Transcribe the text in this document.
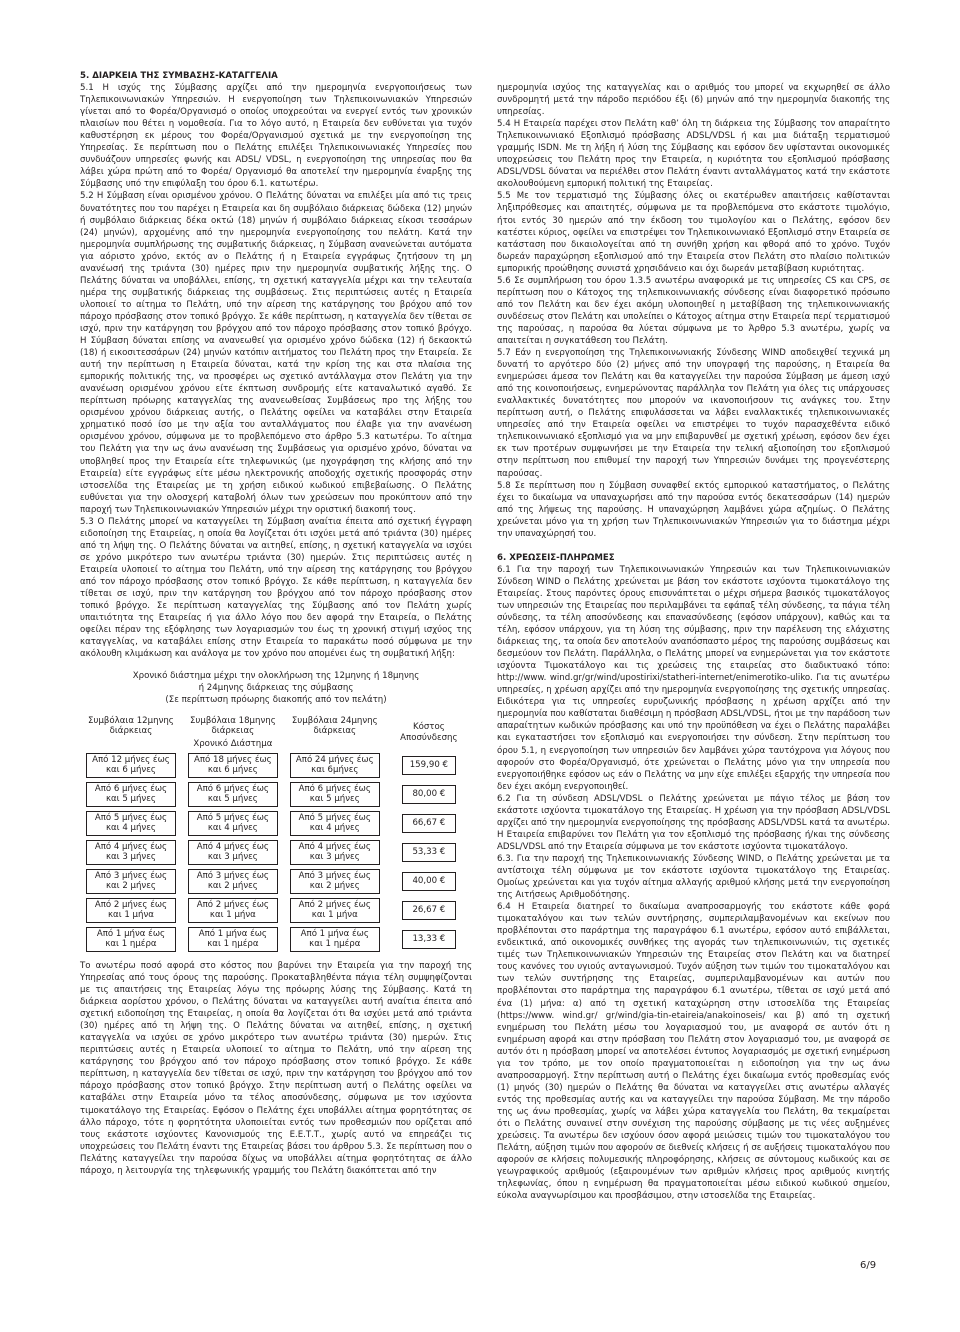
5. ΔΙΑΡΚΕΙΑ ΤΗΣ ΣΥΜΒΑΣΗΣ-ΚΑΤΑΓΓΕΛΙΑ

5.1 Η ισχύς της Σύμβασης αρχίζει από την ημερομηνία ενεργοποιήσεως των Τηλεπικοινωνιακών Υπηρεσιών. Η ενεργοποίηση των Τηλεπικοινωνιακών Υπηρεσιών γίνεται από το Φορέα/Οργανισμό ο οποίος υποχρεούται να ενεργεί εντός των χρονικών πλαισίων που θέτει η νομοθεσία. Για το λόγο αυτό, η Εταιρεία δεν ευθύνεται για τυχόν καθυστέρηση εκ μέρους του Φορέα/Οργανισμού σχετικά με την ενεργοποίηση της Υπηρεσίας. Σε περίπτωση που ο Πελάτης επιλέξει Τηλεπικοινωνιακές Υπηρεσίες που συνδυάζουν υπηρεσίες φωνής και ADSL/ VDSL, η ενεργοποίηση της υπηρεσίας που θα λάβει χώρα πρώτη από το Φορέα/ Οργανισμό θα αποτελεί την ημερομηνία έναρξης της Σύμβασης υπό την επιφύλαξη του όρου 6.1. κατωτέρω.

5.2 Η Σύμβαση είναι ορισμένου χρόνου. Ο Πελάτης δύναται να επιλέξει μία από τις τρεις δυνατότητες που του παρέχει η Εταιρεία και δη συμβόλαιο διάρκειας δώδεκα (12) μηνών ή συμβόλαιο διάρκειας δέκα οκτώ (18) μηνών ή συμβόλαιο διάρκειας είκοσι τεσσάρων (24) μηνών), αρχομένης από την ημερομηνία ενεργοποίησης του πελάτη. Κατά την ημερομηνία συμπλήρωσης της συμβατικής διάρκειας, η Σύμβαση ανανεώνεται αυτόματα για αόριστο χρόνο, εκτός αν ο Πελάτης ή η Εταιρεία εγγράφως ζητήσουν τη μη ανανέωσή της τριάντα (30) ημέρες πριν την ημερομηνία συμβατικής λήξης της. Ο Πελάτης δύναται να υποβάλλει, επίσης, τη σχετική καταγγελία μέχρι και την τελευταία ημέρα της συμβατικής διάρκειας της συμβάσεως. Στις περιπτώσεις αυτές η Εταιρεία υλοποιεί το αίτημα το Πελάτη, υπό την αίρεση της κατάργησης του βρόχου από τον πάροχο πρόσβασης στον τοπικό βρόγχο. Σε κάθε περίπτωση, η καταγγελία δεν τίθεται σε ισχύ, πριν την κατάργηση του βρόγχου από τον πάροχο πρόσβασης στον τοπικό βρόγχο. Η Σύμβαση δύναται επίσης να ανανεωθεί για ορισμένο χρόνο δώδεκα (12) ή δεκαοκτώ (18) ή εικοσιτεσσάρων (24) μηνών κατόπιν αιτήματος του Πελάτη προς την Εταιρεία. Σε αυτή την περίπτωση η Εταιρεία δύναται, κατά την κρίση της και στα πλαίσια της εμπορικής πολιτικής της, να προσφέρει ως σχετικό αντάλλαγμα στον Πελάτη για την ανανέωση ορισμένου χρόνου είτε έκπτωση συνδρομής είτε καταναλωτικό αγαθό. Σε περίπτωση πρόωρης καταγγελίας της ανανεωθείσας Συμβάσεως προ της λήξης του ορισμένου χρόνου διάρκειας αυτής, ο Πελάτης οφείλει να καταβάλει στην Εταιρεία χρηματικό ποσό ίσο με την αξία του ανταλλάγματος που έλαβε για την ανανέωση ορισμένου χρόνου, σύμφωνα με το προβλεπόμενο στο άρθρο 5.3 κατωτέρω. Το αίτημα του Πελάτη για την ως άνω ανανέωση της Συμβάσεως για ορισμένο χρόνο, δύναται να υποβληθεί προς την Εταιρεία είτε τηλεφωνικώς (με ηχογράφηση της κλήσης από την Εταιρεία) είτε εγγράφως είτε μέσω ηλεκτρονικής αποδοχής σχετικής προσφοράς στην ιστοσελίδα της Εταιρείας με τη χρήση ειδικού κωδικού επιβεβαίωσης. Ο Πελάτης ευθύνεται για την ολοσχερή καταβολή όλων των χρεώσεων που προκύπτουν από την παροχή των Τηλεπικοινωνιακών Υπηρεσιών μέχρι την οριστική διακοπή τους.

5.3 Ο Πελάτης μπορεί να καταγγείλει τη Σύμβαση αναίτια έπειτα από σχετική έγγραφη ειδοποίηση της Εταιρείας, η οποία θα λογίζεται ότι ισχύει μετά από τριάντα (30) ημέρες από τη λήψη της. Ο Πελάτης δύναται να αιτηθεί, επίσης, η σχετική καταγγελία να ισχύει σε χρόνο μικρότερο των ανωτέρω τριάντα (30) ημερών. Στις περιπτώσεις αυτές η Εταιρεία υλοποιεί το αίτημα του Πελάτη, υπό την αίρεση της κατάργησης του βρόγχου από τον πάροχο πρόσβασης στον τοπικό βρόγχο. Σε κάθε περίπτωση, η καταγγελία δεν τίθεται σε ισχύ, πριν την κατάργηση του βρόγχου από τον πάροχο πρόσβασης στον τοπικό βρόγχο. Σε περίπτωση καταγγελίας της Σύμβασης από τον Πελάτη χωρίς υπαιτιότητα της Εταιρείας ή για άλλο λόγο που δεν αφορά την Εταιρεία, ο Πελάτης οφείλει πέραν της εξόφλησης των λογαριασμών του έως τη χρονική στιγμή ισχύος της καταγγελίας, να καταβάλει επίσης στην Εταιρεία το παρακάτω ποσό σύμφωνα με την ακόλουθη κλιμάκωση και ανάλογα με τον χρόνο που απομένει έως τη συμβατική λήξη:

Χρονικό διάστημα μέχρι την ολοκλήρωση της 12μηνης ή 18μηνης
ή 24μηνης διάρκειας της σύμβασης
(Σε περίπτωση πρόωρης διακοπής από τον πελάτη)
Συμβόλαια 12μηνης διάρκειας	Συμβόλαια 18μηνης διάρκειας	Συμβόλαια 24μηνης διάρκειας	Κόστος Αποσύνδεσης
Χρονικό Διάστημα			

Από 12 μήνες έως και 6 μήνες	Από 18 μήνες έως και 6 μήνες	Από 24 μήνες έως και 6μήνες	159,90 €

Από 6 μήνες έως και 5 μήνες	Από 6 μήνες έως και 5 μήνες	Από 6 μήνες έως και 5 μήνες	80,00 €

Από 5 μήνες έως και 4 μήνες	Από 5 μήνες έως και 4 μήνες	Από 5 μήνες έως και 4 μήνες	66,67 €

Από 4 μήνες έως και 3 μήνες	Από 4 μήνες έως και 3 μήνες	Από 4 μήνες έως και 3 μήνες	53,33 €

Από 3 μήνες έως και 2 μήνες	Από 3 μήνες έως και 2 μήνες	Από 3 μήνες έως και 2 μήνες	40,00 €

Από 2 μήνες έως και 1 μήνα	Από 2 μήνες έως και 1 μήνα	Από 2 μήνες έως και 1 μήνα	26,67 €

Από 1 μήνα έως και 1 ημέρα	Από 1 μήνα έως και 1 ημέρα	Από 1 μήνα έως και 1 ημέρα	13,33 €

Το ανωτέρω ποσό αφορά στο κόστος που βαρύνει την Εταιρεία για την παροχή της Υπηρεσίας από τους όρους της παρούσης. Προκαταβληθέντα πάγια τέλη συμψηφίζονται με τις απαιτήσεις της Εταιρείας λόγω της πρόωρης λύσης της Σύμβασης. Κατά τη διάρκεια αορίστου χρόνου, ο Πελάτης δύναται να καταγγείλει αυτή αναίτια έπειτα από σχετική ειδοποίηση της Εταιρείας, η οποία θα λογίζεται ότι θα ισχύει μετά από τριάντα (30) ημέρες από τη λήψη της. Ο Πελάτης δύναται να αιτηθεί, επίσης, η σχετική καταγγελία να ισχύει σε χρόνο μικρότερο των ανωτέρω τριάντα (30) ημερών. Στις περιπτώσεις αυτές η Εταιρεία υλοποιεί το αίτημα το Πελάτη, υπό την αίρεση της κατάργησης του βρόγχου από τον πάροχο πρόσβασης στον τοπικό βρόγχο. Σε κάθε περίπτωση, η καταγγελία δεν τίθεται σε ισχύ, πριν την κατάργηση του βρόγχου από τον πάροχο πρόσβασης στον τοπικό βρόγχο. Στην περίπτωση αυτή ο Πελάτης οφείλει να καταβάλει στην Εταιρεία μόνο τα τέλος αποσύνδεσης, σύμφωνα με τον ισχύοντα τιμοκατάλογο της Εταιρείας. Εφόσον ο Πελάτης έχει υποβάλλει αίτημα φορητότητας σε άλλο πάροχο, τότε η φορητότητα υλοποιείται εντός των προθεσμιών που ορίζεται από τους εκάστοτε ισχύοντες Κανονισμούς της Ε.Ε.Τ.Τ., χωρίς αυτό να επηρεάζει τις υποχρεώσεις του Πελάτη έναντι της Εταιρείας βάσει του άρθρου 5.3. Σε περίπτωση που ο Πελάτης καταγγείλει την παρούσα δίχως να υποβάλλει αίτημα φορητότητας σε άλλο πάροχο, η λειτουργία της τηλεφωνικής γραμμής του Πελάτη διακόπτεται από την

ημερομηνία ισχύος της καταγγελίας και ο αριθμός του μπορεί να εκχωρηθεί σε άλλο συνδρομητή μετά την πάροδο περιόδου έξι (6) μηνών από την ημερομηνία διακοπής της υπηρεσίας.

5.4 Η Εταιρεία παρέχει στον Πελάτη καθ’ όλη τη διάρκεια της Σύμβασης τον απαραίτητο Τηλεπικοινωνιακό Εξοπλισμό πρόσβασης ADSL/VDSL ή και μια διάταξη τερματισμού γραμμής ISDN. Με τη λήξη ή λύση της Σύμβασης και εφόσον δεν υφίστανται οικονομικές υποχρεώσεις του Πελάτη προς την Εταιρεία, η κυριότητα του εξοπλισμού πρόσβασης ADSL/VDSL δύναται να περιέλθει στον Πελάτη έναντι ανταλλάγματος κατά την εκάστοτε ακολουθούμενη εμπορική πολιτική της Εταιρείας.

5.5 Με τον τερματισμό της Σύμβασης όλες οι εκατέρωθεν απαιτήσεις καθίστανται ληξιπρόθεσμες και απαιτητές, σύμφωνα με τα προβλεπόμενα στο εκάστοτε τιμολόγιο, ήτοι εντός 30 ημερών από την έκδοση του τιμολογίου και ο Πελάτης, εφόσον δεν κατέστει κύριος, οφείλει να επιστρέψει τον Τηλεπικοινωνιακό Εξοπλισμό στην Εταιρεία σε κατάσταση που δικαιολογείται από τη συνήθη χρήση και φθορά από το χρόνο. Τυχόν δωρεάν παραχώρηση εξοπλισμού από την Εταιρεία στον Πελάτη στο πλαίσιο πολιτικών εμπορικής προώθησης συνιστά χρησιδάνειο και όχι δωρεάν μεταβίβαση κυριότητας.

5.6 Σε συμπλήρωση του όρου 1.3.5 ανωτέρω αναφορικά με τις υπηρεσίες CS και CPS, σε περίπτωση που ο Κάτοχος της τηλεπικοινωνιακής σύνδεσης είναι διαφορετικό πρόσωπο από τον Πελάτη και δεν έχει ακόμη υλοποιηθεί η μεταβίβαση της τηλεπικοινωνιακής συνδέσεως στον Πελάτη και υπολείπει ο Κάτοχος αίτημα στην Εταιρεία περί τερματισμού της παρούσας, η παρούσα θα λύεται σύμφωνα με το Άρθρο 5.3 ανωτέρω, χωρίς να απαιτείται η συγκατάθεση του Πελάτη.

5.7 Εάν η ενεργοποίηση της Τηλεπικοινωνιακής Σύνδεσης WIND αποδειχθεί τεχνικά μη δυνατή το αργότερο δύο (2) μήνες από την υπογραφή της παρούσης, η Εταιρεία θα ενημερώσει άμεσα τον Πελάτη και θα καταγγείλει την παρούσα Σύμβαση με άμεση ισχύ από της κοινοποιήσεως, ενημερώνοντας παράλληλα τον Πελάτη για όλες τις υπάρχουσες εναλλακτικές δυνατότητες που μπορούν να ικανοποιήσουν τις ανάγκες του. Στην περίπτωση αυτή, ο Πελάτης επιφυλάσσεται να λάβει εναλλακτικές τηλεπικοινωνιακές υπηρεσίες από την Εταιρεία οφείλει να επιστρέψει το τυχόν παρασχεθέντα ειδικό τηλεπικοινωνιακό εξοπλισμό για να μην επιβαρυνθεί με σχετική χρέωση, εφόσον δεν έχει εκ των προτέρων συμφωνήσει με την Εταιρεία την τελική αξιοποίηση του εξοπλισμού στην περίπτωση που επιθυμεί την παροχή των Υπηρεσιών δυνάμει της προγενέστερης παρούσας.

5.8 Σε περίπτωση που η Σύμβαση συναφθεί εκτός εμπορικού καταστήματος, ο Πελάτης έχει το δικαίωμα να υπαναχωρήσει από την παρούσα εντός δεκατεσσάρων (14) ημερών από της λήψεως της παρούσης. Η υπαναχώρηση λαμβάνει χώρα αζημίως. Ο Πελάτης χρεώνεται μόνο για τη χρήση των Τηλεπικοινωνιακών Υπηρεσιών για το διάστημα μέχρι την υπαναχώρησή του.

6. ΧΡΕΩΣΕΙΣ-ΠΛΗΡΩΜΕΣ

6.1 Για την παροχή των Τηλεπικοινωνιακών Υπηρεσιών και των Τηλεπικοινωνιακών Σύνδεση WIND ο Πελάτης χρεώνεται με βάση τον εκάστοτε ισχύοντα τιμοκατάλογο της Εταιρείας. Στους παρόντες όρους επισυνάπτεται ο μέχρι σήμερα βασικός τιμοκατάλογος των υπηρεσιών της Εταιρείας που περιλαμβάνει τα εφάπαξ τέλη σύνδεσης, τα πάγια τέλη σύνδεσης, τα τέλη αποσύνδεσης και επανασύνδεσης (εφόσον υπάρχουν), καθώς και τα τέλη, εφόσον υπάρχουν, για τη λύση της σύμβασης, πριν την παρέλευση της ελάχιστης διάρκειας της, τα οποία δεν αποτελούν αναπόσπαστο μέρος της παρούσης συμβάσεως και δεσμεύουν τον Πελάτη. Παράλληλα, ο Πελάτης μπορεί να ενημερώνεται για τον εκάστοτε ισχύοντα Τιμοκατάλογο και τις χρεώσεις της εταιρείας στο διαδικτυακό τόπο: http://www. wind.gr/gr/wind/upostirixi/statheri-internet/enimerotiko-uliko. Για τις ανωτέρω υπηρεσίες, η χρέωση αρχίζει από την ημερομηνία ενεργοποίησης της σχετικής υπηρεσίας. Ειδικότερα για τις υπηρεσίες ευρυζωνικής πρόσβασης η χρέωση αρχίζει από την ημερομηνία που καθίσταται διαθέσιμη η πρόσβαση ADSL/VDSL, ήτοι με την παράδοση των απαραίτητων κωδικών πρόσβασης και υπό την προϋπόθεση να έχει ο Πελάτης παραλάβει και εγκαταστήσει τον εξοπλισμό και ενεργοποιήσει την σύνδεση. Στην περίπτωση του όρου 5.1, η ενεργοποίηση των υπηρεσιών δεν λαμβάνει χώρα ταυτόχρονα για λόγους που αφορούν στο Φορέα/Οργανισμό, ότε χρεώνεται ο Πελάτης μόνο για την υπηρεσία που ενεργοποιήθηκε εφόσον ως εάν ο Πελάτης να μην είχε επιλέξει εξαρχής την υπηρεσία που δεν έχει ακόμη ενεργοποιηθεί.

6.2 Για τη σύνδεση ADSL/VDSL ο Πελάτης χρεώνεται με πάγιο τέλος με βάση τον εκάστοτε ισχύοντα τιμοκατάλογο της Εταιρείας. Η χρέωση για την πρόσβαση ADSL/VDSL αρχίζει από την ημερομηνία ενεργοποίησης της πρόσβασης ADSL/VDSL κατά τα ανωτέρω. Η Εταιρεία επιβαρύνει τον Πελάτη για τον εξοπλισμό της πρόσβασης ή/και της σύνδεσης ADSL/VDSL από την Εταιρεία σύμφωνα με τον εκάστοτε ισχύοντα τιμοκατάλογο.

6.3. Για την παροχή της Τηλεπικοινωνιακής Σύνδεσης WIND, ο Πελάτης χρεώνεται με τα αντίστοιχα τέλη σύμφωνα με τον εκάστοτε ισχύοντα τιμοκατάλογο της Εταιρείας. Ομοίως χρεώνεται και για τυχόν αίτημα αλλαγής αριθμού κλήσης μετά την ενεργοποίηση της Αιτήσεως Αριθμοδότησης.

6.4 Η Εταιρεία διατηρεί το δικαίωμα αναπροσαρμογής του εκάστοτε κάθε φορά τιμοκαταλόγου και των τελών συντήρησης, συμπεριλαμβανομένων και εκείνων που προβλέπονται στο παράρτημα της παραγράφου 6.1 ανωτέρω, εφόσον αυτό επιβάλλεται, ενδεικτικά, από οικονομικές συνθήκες της αγοράς των τηλεπικοινωνιών, τις σχετικές τιμές των Τηλεπικοινωνιακών Υπηρεσιών της Εταιρείας στον Πελάτη και να διατηρεί τους κανόνες του υγιούς ανταγωνισμού. Τυχόν αύξηση των τιμών του τιμοκαταλόγου και των τελών συντήρησης της Εταιρείας, συμπεριλαμβανομένων και αυτών που προβλέπονται στο παράρτημα της παραγράφου 6.1 ανωτέρω, τίθεται σε ισχύ μετά από ένα (1) μήνα: α) από τη σχετική καταχώρηση στην ιστοσελίδα της Εταιρείας (https://www. wind.gr/ gr/wind/gia-tin-etaireia/anakoinoseis/ και β) από τη σχετική ενημέρωση του Πελάτη μέσω του λογαριασμού του, με αναφορά σε αυτόν ότι η ενημέρωση αφορά και στην πρόσβαση του Πελάτη στον λογαριασμό του, με αναφορά σε αυτόν ότι η πρόσβαση μπορεί να αποτελέσει έντυπος λογαριασμός με σχετική ενημέρωση για τον τρόπο, με τον οποίο πραγματοποιείται η ειδοποίηση για την ως άνω αναπροσαρμογή. Στην περίπτωση αυτή ο Πελάτης έχει δικαίωμα εντός προθεσμίας ενός (1) μηνός (30) ημερών ο Πελάτης θα δύναται να καταγγείλει στις ανωτέρω αλλαγές εντός της προθεσμίας αυτής και να καταγγείλει την παρούσα Σύμβαση. Με την πάροδο της ως άνω προθεσμίας, χωρίς να λάβει χώρα καταγγελία του Πελάτη, θα τεκμαίρεται ότι ο Πελάτης συναινεί στην συνέχιση της παρούσης σύμβασης με τις νέες αυξημένες χρεώσεις. Τα ανωτέρω δεν ισχύουν όσον αφορά μειώσεις τιμών του τιμοκαταλόγου του Πελάτη, αύξηση τιμών που αφορούν σε διεθνείς κλήσεις ή σε αυξήσεις τιμοκαταλόγου που αφορούν σε κλήσεις πολυμεσικής πληροφόρησης, κλήσεις σε σύντομους κωδικούς και σε γεωγραφικούς αριθμούς (εξαιρουμένων των αριθμών κλήσεις προς αριθμούς κινητής τηλεφωνίας, όπου η ενημέρωση θα πραγματοποιείται μέσω ειδικού κωδικού σημείου, εύκολα αναγνωρίσιμου και προσβάσιμου, στην ιστοσελίδα της Εταιρείας.

6/9
